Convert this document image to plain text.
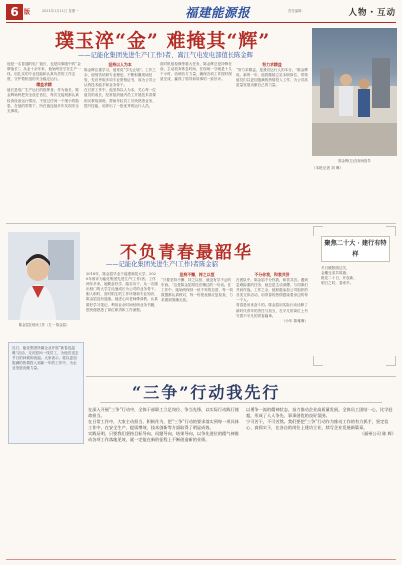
6 版	2021年1月11日 星期一	福建能源报	责任编辑：	人物・互动
璞玉淬“金” 难掩其“辉”
——记能化集团先进生产(工作)者、嵩江气电发电部值长陈金辉
他是一名普通的电厂值长，也是同事眼中的“金牌值长”。从业十余年来，他始终坚守在生产一线，用扎实的专业技能和认真负责的工作态度，守护着机组的安全稳定运行。
精益求精
值长是电厂生产运行的指挥者。作为值长，陈金辉始终把安全放在首位，每次交接班都认真检查设备运行情况，不放过任何一个细小的隐患，在他的带领下，所在值连续多年实现安全无事故。
坚持以人为本
陈金辉注重学习，他常说“学无止境”。工作之余，他刻苦钻研专业理论，不断积累现场经验，先后考取多项专业资格证书，成为公司公认的技术能手和业务骨干。
在日常工作中，他坚持以人为本，关心每一位值员的成长，经常组织值内员工开展技术讲课和反事故演练，帮助年轻员工尽快熟悉业务、提升技能，培养出了一批优秀的运行人员。
面对机组检修等重大任务，陈金辉总是冲锋在前，主动放弃休息时间，在现场一守就是十几个小时，协调各方力量，确保各项工作按时保质完成，赢得了领导和同事的一致好评。
努力求精益
“努力求精益，是我们运行人的本分。”陈金辉说。新的一年，他将继续立足本职岗位，带领值员们以更加饱满的热情投入工作，为公司高质量发展贡献自己的力量。
陈金辉(左)在现场指导
（本报记者 刘 琳）
陈金貂在现场工作（左一 陈金貂）
不负青春最韶华
——记能化集团先进生产(工作)者陈金貂
2018年，陈金貂毕业于福建师范大学，2020年被评为能化集团先进生产(工作)者。工作两年多来，她勤奋好学、踏实肯干，从一名刚出校门的大学生迅速成长为公司的业务骨干。
刚入职时，面对陌生的工作环境和专业知识，陈金貂没有退缩。她虚心向老师傅请教，认真做好学习笔记，利用业余时间钻研业务书籍，很快便熟悉了岗位职责和工作流程。
坚持不懈，持之以恒
“只要坚持不懈、持之以恒，就没有学不会的东西。”这是陈金貂常挂在嘴边的一句话。在工作中，她始终保持一丝不苟的态度，每一项数据都认真核对，每一份报表都反复检查，力求做到准确无误。
不分你我，和衷共济
在团队中，陈金貂不分你我，和衷共济。遇到急难险重的任务，她总是主动请缨，与同事们并肩作战。工作之余，她积极参加公司组织的各类文体活动，用青春的热情感染着身边的每一个人。
青春是用来奋斗的。陈金貂用实际行动诠释了新时代青年的责任与担当，在平凡的岗位上书写着不平凡的青春篇章。
（小年 陈雅琳）
聚焦二十大 · 建行有特样
冬日暖阳照边关，
金雕兄弟共筑墙；
桃花二十日，开放新，
明日之时，春来早。
近日，能化集团所属企业开展“新春送温暖”活动，走访慰问一线员工，为他们送去节日的问候和祝福。大家表示，将以更加饱满的热情投入到新一年的工作中，为企业发展贡献力量。
“三争”行动我先行
在深入开展“三争”行动中，全体干部职工立足岗位、争当先锋，以实际行动践行使命担当。
在日常工作中，大家主动担当、积极作为，把“三争”行动的要求落实到每一项具体工作中，在安全生产、提质增效、技术创新等方面取得了明显成效。
实践证明，只要我们坚持目标导向、问题导向、结果导向，以争先进位的精气神推动各项工作落地见效，就一定能在新的征程上不断创造新的业绩。
以勇争一流的精神状态，奋力推动企业高质量发展。全体员工团结一心，比学赶超，形成了人人争先、事事创优的良好氛围。
宁可苦干，不可苦熬。我们要把“三争”行动作为推动工作的有力抓手，坚定信心、真抓实干，在各自的岗位上建功立业，续写企业发展新篇章。
（福州公司 陈 辉）
